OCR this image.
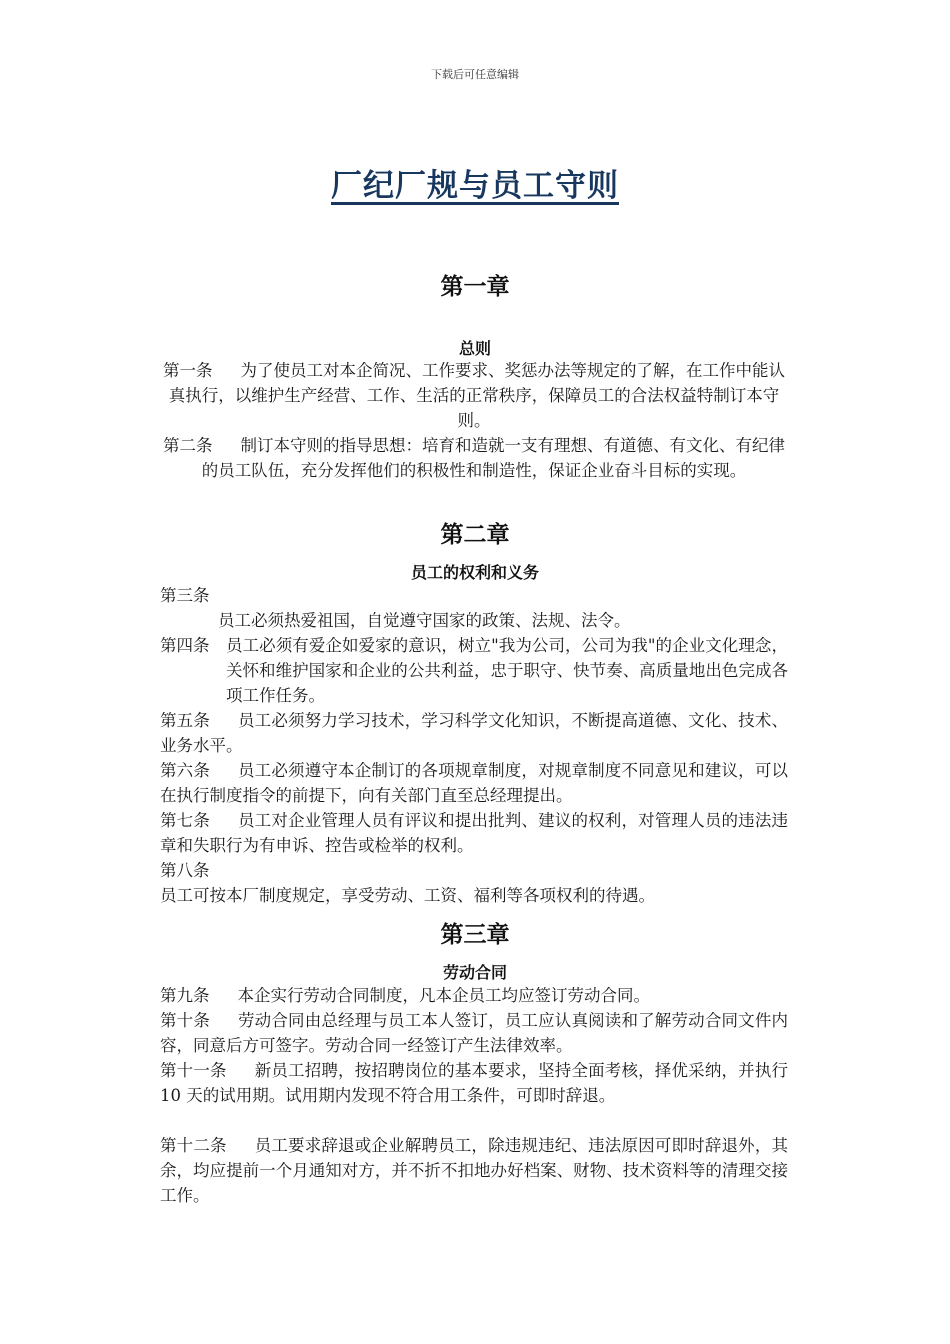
下载后可任意编辑
厂纪厂规与员工守则
第一章
总则

第一条 为了使员工对本企简况、工作要求、奖惩办法等规定的了解，在工作中能认真执行，以维护生产经营、工作、生活的正常秩序，保障员工的合法权益特制订本守则。

第二条 制订本守则的指导思想：培育和造就一支有理想、有道德、有文化、有纪律的员工队伍，充分发挥他们的积极性和制造性，保证企业奋斗目标的实现。

第二章
员工的权利和义务

第三条

员工必须热爱祖国，自觉遵守国家的政策、法规、法令。

第四条	员工必须有爱企如爱家的意识，树立"我为公司，公司为我"的企业文化理念，关怀和维护国家和企业的公共利益，忠于职守、快节奏、高质量地出色完成各项工作任务。

第五条 员工必须努力学习技术，学习科学文化知识，不断提高道德、文化、技术、业务水平。

第六条 员工必须遵守本企制订的各项规章制度，对规章制度不同意见和建议，可以在执行制度指令的前提下，向有关部门直至总经理提出。

第七条 员工对企业管理人员有评议和提出批判、建议的权利，对管理人员的违法违章和失职行为有申诉、控告或检举的权利。

第八条

员工可按本厂制度规定，享受劳动、工资、福利等各项权利的待遇。

第三章
劳动合同

第九条 本企实行劳动合同制度，凡本企员工均应签订劳动合同。

第十条 劳动合同由总经理与员工本人签订，员工应认真阅读和了解劳动合同文件内容，同意后方可签字。劳动合同一经签订产生法律效率。

第十一条 新员工招聘，按招聘岗位的基本要求，坚持全面考核，择优采纳，并执行 10 天的试用期。试用期内发现不符合用工条件，可即时辞退。

第十二条 员工要求辞退或企业解聘员工，除违规违纪、违法原因可即时辞退外，其余，均应提前一个月通知对方，并不折不扣地办好档案、财物、技术资料等的清理交接工作。
